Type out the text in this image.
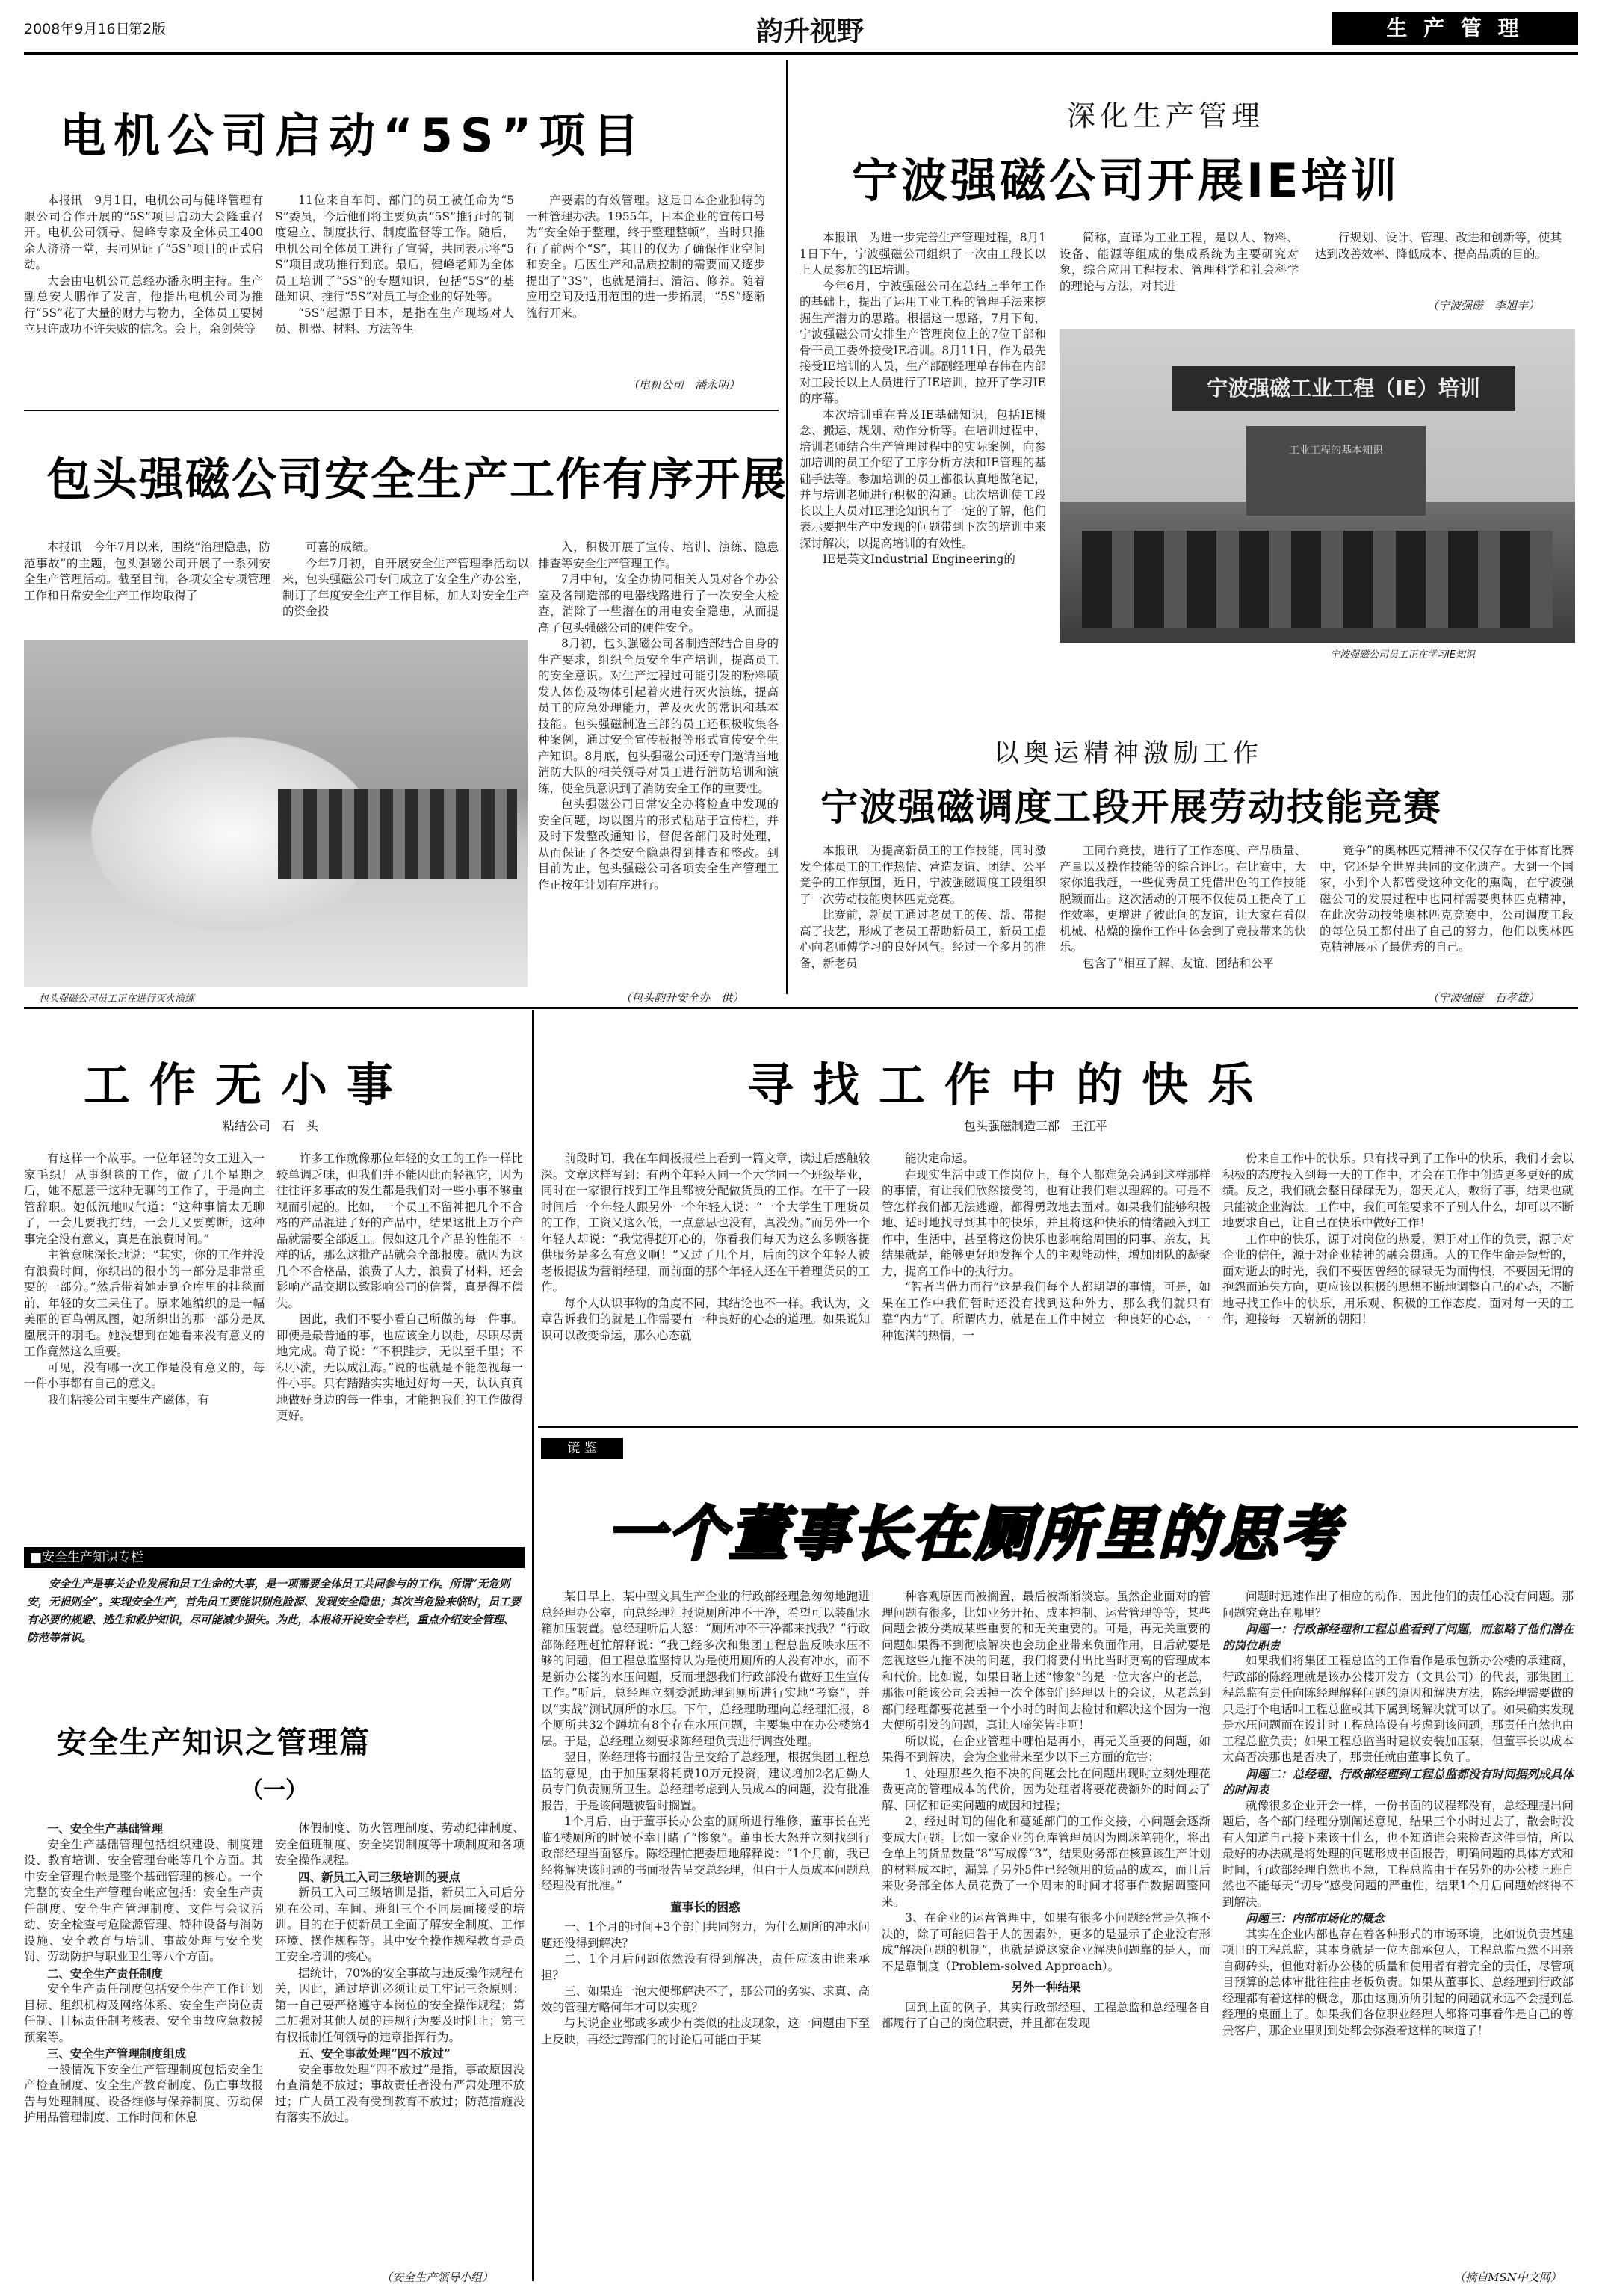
2008年9月16日
第2版	韵升视野	生 产 管 理
电机公司启动“5S”项目

本报讯　9月1日，电机公司与健峰管理有限公司合作开展的“5S”项目启动大会隆重召开。电机公司领导、健峰专家及全体员工400余人济济一堂，共同见证了“5S”项目的正式启动。

大会由电机公司总经办潘永明主持。生产副总安大鹏作了发言，他指出电机公司为推行“5S”花了大量的财力与物力，全体员工要树立只许成功不许失败的信念。会上，余剑荣等

11位来自车间、部门的员工被任命为“5S”委员，今后他们将主要负责“5S”推行时的制度建立、制度执行、制度监督等工作。随后，电机公司全体员工进行了宣誓，共同表示将“5S”项目成功推行到底。最后，健峰老师为全体员工培训了“5S”的专题知识，包括“5S”的基础知识、推行“5S”对员工与企业的好处等。

“5S”起源于日本，是指在生产现场对人员、机器、材料、方法等生

产要素的有效管理。这是日本企业独特的一种管理办法。1955年，日本企业的宣传口号为“安全始于整理，终于整理整顿”，当时只推行了前两个“S”，其目的仅为了确保作业空间和安全。后因生产和品质控制的需要而又逐步提出了“3S”，也就是清扫、清洁、修养。随着应用空间及适用范围的进一步拓展，“5S”逐渐流行开来。

（电机公司　潘永明）
深化生产管理
宁波强磁公司开展IE培训

本报讯　为进一步完善生产管理过程，8月11日下午，宁波强磁公司组织了一次由工段长以上人员参加的IE培训。

今年6月，宁波强磁公司在总结上半年工作的基础上，提出了运用工业工程的管理手法来挖掘生产潜力的思路。根据这一思路，7月下旬，宁波强磁公司安排生产管理岗位上的7位干部和骨干员工委外接受IE培训。8月11日，作为最先接受IE培训的人员，生产部副经理单春伟在内部对工段长以上人员进行了IE培训，拉开了学习IE的序幕。

本次培训重在普及IE基础知识，包括IE概念、搬运、规划、动作分析等。在培训过程中，培训老师结合生产管理过程中的实际案例，向参加培训的员工介绍了工序分析方法和IE管理的基础手法等。参加培训的员工都很认真地做笔记，并与培训老师进行积极的沟通。此次培训使工段长以上人员对IE理论知识有了一定的了解，他们表示要把生产中发现的问题带到下次的培训中来探讨解决，以提高培训的有效性。

IE是英文Industrial Engineering的

简称，直译为工业工程，是以人、物料、设备、能源等组成的集成系统为主要研究对象，综合应用工程技术、管理科学和社会科学的理论与方法，对其进

行规划、设计、管理、改进和创新等，使其达到改善效率、降低成本、提高品质的目的。

（宁波强磁　李旭丰）
宁波强磁工业工程（IE）培训
工业工程的基本知识
宁波强磁公司员工正在学习IE知识
包头强磁公司安全生产工作有序开展

本报讯　今年7月以来，围绕“治理隐患，防范事故”的主题，包头强磁公司开展了一系列安全生产管理活动。截至目前，各项安全专项管理工作和日常安全生产工作均取得了

可喜的成绩。

今年7月初，自开展安全生产管理季活动以来，包头强磁公司专门成立了安全生产办公室，制订了年度安全生产工作目标，加大对安全生产的资金投

入，积极开展了宣传、培训、演练、隐患排查等安全生产管理工作。

7月中旬，安全办协同相关人员对各个办公室及各制造部的电器线路进行了一次安全大检查，消除了一些潜在的用电安全隐患，从而提高了包头强磁公司的硬件安全。

8月初，包头强磁公司各制造部结合自身的生产要求，组织全员安全生产培训，提高员工的安全意识。对生产过程过可能引发的粉料喷发人体伤及物体引起着火进行灭火演练，提高员工的应急处理能力，普及灭火的常识和基本技能。包头强磁制造三部的员工还积极收集各种案例，通过安全宣传板报等形式宣传安全生产知识。8月底，包头强磁公司还专门邀请当地消防大队的相关领导对员工进行消防培训和演练，使全员意识到了消防安全工作的重要性。

包头强磁公司日常安全办将检查中发现的安全问题，均以图片的形式粘贴于宣传栏，并及时下发整改通知书，督促各部门及时处理，从而保证了各类安全隐患得到排查和整改。到目前为止，包头强磁公司各项安全生产管理工作正按年计划有序进行。

（包头韵升安全办　供）
包头强磁公司员工正在进行灭火演练
以奥运精神激励工作
宁波强磁调度工段开展劳动技能竞赛

本报讯　为提高新员工的工作技能，同时激发全体员工的工作热情、营造友谊、团结、公平竞争的工作氛围，近日，宁波强磁调度工段组织了一次劳动技能奥林匹克竞赛。

比赛前，新员工通过老员工的传、帮、带提高了技艺，形成了老员工帮助新员工，新员工虚心向老师傅学习的良好风气。经过一个多月的准备，新老员

工同台竞技，进行了工作态度、产品质量、产量以及操作技能等的综合评比。在比赛中，大家你追我赶，一些优秀员工凭借出色的工作技能脱颖而出。这次活动的开展不仅使员工提高了工作效率，更增进了彼此间的友谊，让大家在看似机械、枯燥的操作工作中体会到了竞技带来的快乐。

包含了“相互了解、友谊、团结和公平

竞争”的奥林匹克精神不仅仅存在于体育比赛中，它还是全世界共同的文化遗产。大到一个国家，小到个人都曾受这种文化的熏陶，在宁波强磁公司的发展过程中也同样需要奥林匹克精神，在此次劳动技能奥林匹克竞赛中，公司调度工段的每位员工都付出了自己的努力，他们以奥林匹克精神展示了最优秀的自己。

（宁波强磁　石孝雄）
工作无小事
粘结公司　石　头

有这样一个故事。一位年轻的女工进入一家毛织厂从事织毯的工作，做了几个星期之后，她不愿意干这种无聊的工作了，于是向主管辞职。她低沉地叹气道：“这种事情太无聊了，一会儿要我打结，一会儿又要剪断，这种事完全没有意义，真是在浪费时间。”

主管意味深长地说：“其实，你的工作并没有浪费时间，你织出的很小的一部分是非常重要的一部分。”然后带着她走到仓库里的挂毯面前，年轻的女工呆住了。原来她编织的是一幅美丽的百鸟朝凤图，她所织出的那一部分是凤凰展开的羽毛。她没想到在她看来没有意义的工作竟然这么重要。

可见，没有哪一次工作是没有意义的，每一件小事都有自己的意义。

我们粘接公司主要生产磁体，有

许多工作就像那位年轻的女工的工作一样比较单调乏味，但我们并不能因此而轻视它，因为往往许多事故的发生都是我们对一些小事不够重视而引起的。比如，一个员工不留神把几个不合格的产品混进了好的产品中，结果这批上万个产品就需要全部返工。假如这几个产品的性能不一样的话，那么这批产品就会全部报废。就因为这几个不合格品，浪费了人力，浪费了材料，还会影响产品交期以致影响公司的信誉，真是得不偿失。

因此，我们不要小看自己所做的每一件事。即便是最普通的事，也应该全力以赴，尽职尽责地完成。荀子说：“不积跬步，无以至千里；不积小流，无以成江海。”说的也就是不能忽视每一件小事。只有踏踏实实地过好每一天，认认真真地做好身边的每一件事，才能把我们的工作做得更好。

寻找工作中的快乐
包头强磁制造三部　王江平

前段时间，我在车间板报栏上看到一篇文章，读过后感触较深。文章这样写到：有两个年轻人同一个大学同一个班级毕业，同时在一家银行找到工作且都被分配做货员的工作。在干了一段时间后一个年轻人跟另外一个年轻人说：“一个大学生干理货员的工作，工资又这么低，一点意思也没有，真没劲。”而另外一个年轻人却说：“我觉得挺开心的，你看我们每天为这么多顾客提供服务是多么有意义啊！”又过了几个月，后面的这个年轻人被老板提拔为营销经理，而前面的那个年轻人还在干着理货员的工作。

每个人认识事物的角度不同，其结论也不一样。我认为，文章告诉我们的就是工作需要有一种良好的心态的道理。如果说知识可以改变命运，那么心态就

能决定命运。

在现实生活中或工作岗位上，每个人都难免会遇到这样那样的事情，有让我们欣然接受的，也有让我们难以理解的。可是不管怎样我们都无法逃避，都得勇敢地去面对。如果我们能够积极地、适时地找寻到其中的快乐，并且将这种快乐的情绪融入到工作中，生活中，甚至将这份快乐也影响给周围的同事、亲友，其结果就是，能够更好地发挥个人的主观能动性，增加团队的凝聚力，提高工作中的执行力。

“智者当借力而行”这是我们每个人都期望的事情，可是，如果在工作中我们暂时还没有找到这种外力，那么我们就只有靠“内力”了。所谓内力，就是在工作中树立一种良好的心态，一种饱满的热情，一

份来自工作中的快乐。只有找寻到了工作中的快乐，我们才会以积极的态度投入到每一天的工作中，才会在工作中创造更多更好的成绩。反之，我们就会整日碌碌无为，怨天尤人，敷衍了事，结果也就只能被企业淘汰。工作中，我们可能要求不了别人什么，却可以不断地要求自己，让自己在快乐中做好工作！

工作中的快乐，源于对岗位的热爱，源于对工作的负责，源于对企业的信任，源于对企业精神的融会贯通。人的工作生命是短暂的，面对逝去的时光，我们不要因曾经的碌碌无为而悔恨，不要因无谓的抱怨而追失方向，更应该以积极的思想不断地调整自己的心态，不断地寻找工作中的快乐，用乐观、积极的工作态度，面对每一天的工作，迎接每一天崭新的朝阳！

■安全生产知识专栏
安全生产是事关企业发展和员工生命的大事，是一项需要全体员工共同参与的工作。所谓“无危则安，无损则全”。实现安全生产，首先员工要能识别危险源、发现安全隐患；其次当危险来临时，员工要有必要的规避、逃生和救护知识，尽可能减少损失。为此，本报将开设安全专栏，重点介绍安全管理、防范等常识。
安全生产知识之管理篇
（一）

一、安全生产基础管理

安全生产基础管理包括组织建设、制度建设、教育培训、安全管理台帐等几个方面。其中安全管理台帐是整个基础管理的核心。一个完整的安全生产管理台帐应包括：安全生产责任制度、安全生产管理制度、文件与会议活动、安全检查与危险源管理、特种设备与消防设施、安全教育与培训、事故处理与安全奖罚、劳动防护与职业卫生等八个方面。

二、安全生产责任制度

安全生产责任制度包括安全生产工作计划目标、组织机构及网络体系、安全生产岗位责任制、目标责任制考核表、安全事故应急救援预案等。

三、安全生产管理制度组成

一般情况下安全生产管理制度包括安全生产检查制度、安全生产教育制度、伤亡事故报告与处理制度、设备维修与保养制度、劳动保护用品管理制度、工作时间和休息

休假制度、防火管理制度、劳动纪律制度、安全值班制度、安全奖罚制度等十项制度和各项安全操作规程。

四、新员工入司三级培训的要点

新员工入司三级培训是指，新员工入司后分别在公司、车间、班组三个不同层面接受的培训。目的在于使新员工全面了解安全制度、工作环境、操作规程等。其中安全操作规程教育是员工安全培训的核心。

据统计，70%的安全事故与违反操作规程有关，因此，通过培训必须让员工牢记三条原则：第一自己要严格遵守本岗位的安全操作规程；第二加强对其他人员的违规行为要及时阻止；第三有权抵制任何领导的违章指挥行为。

五、安全事故处理“四不放过”

安全事故处理“四不放过”是指，事故原因没有查清楚不放过；事故责任者没有严肃处理不放过；广大员工没有受到教育不放过；防范措施没有落实不放过。

（安全生产领导小组）
镜 鉴
一个董事长在厕所里的思考

某日早上，某中型文具生产企业的行政部经理急匆匆地跑进总经理办公室，向总经理汇报说厕所冲不干净，希望可以装配水箱加压装置。总经理听后大怒：“厕所冲不干净都来找我？”行政部陈经理赶忙解释说：“我已经多次和集团工程总监反映水压不够的问题，但工程总监坚持认为是使用厕所的人没有冲水，而不是新办公楼的水压问题，反而埋怨我们行政部没有做好卫生宣传工作。”听后，总经理立刻委派助理到厕所进行实地“考察”，并以“实战”测试厕所的水压。下午，总经理助理向总经理汇报，8个厕所共32个蹲坑有8个存在水压问题，主要集中在办公楼第4层。于是，总经理立刻要求陈经理负责进行调查处理。

翌日，陈经理将书面报告呈交给了总经理，根据集团工程总监的意见，由于加压泵将耗费10万元投资，建议增加2名后勤人员专门负责厕所卫生。总经理考虑到人员成本的问题，没有批准报告，于是该问题被暂时搁置。

1个月后，由于董事长办公室的厕所进行维修，董事长在光临4楼厕所的时候不幸目睹了“惨象”。董事长大怒并立刻找到行政部经理当面怒斥。陈经理忙把委屈地解释说：“1个月前，我已经将解决该问题的书面报告呈交总经理，但由于人员成本问题总经理没有批准。”

董事长的困惑

一、1个月的时间+3个部门共同努力，为什么厕所的冲水问题还没得到解决？

二、1个月后问题依然没有得到解决，责任应该由谁来承担？

三、如果连一泡大便都解决不了，那公司的务实、求真、高效的管理方略何年才可以实现？

与其说企业都或多或少有类似的扯皮现象，这一问题由下至上反映，再经过跨部门的讨论后可能由于某

种客观原因而被搁置，最后被渐渐淡忘。虽然企业面对的管理问题有很多，比如业务开拓、成本控制、运营管理等等，某些问题会被分类成某些重要的和无关重要的。可是，再无关重要的问题如果得不到彻底解决也会助企业带来负面作用，日后就要是忽视这些九拖不决的问题，我们将要付出比当时更高的管理成本和代价。比如说，如果日睹上述“惨象”的是一位大客户的老总，那很可能该公司会丢掉一次全体部门经理以上的会议，从老总到部门经理都要花甚至一个小时的时间去检讨和解决这个因为一泡大便所引发的问题，真让人啼笑皆非啊！

所以说，在企业管理中哪怕是再小，再无关重要的问题，如果得不到解决，会为企业带来至少以下三方面的危害：

1、处理那些久拖不决的问题会比在问题出现时立刻处理花费更高的管理成本的代价，因为处理者将要花费额外的时间去了解、回忆和证实问题的成因和过程；

2、经过时间的催化和蔓延部门的工作交接，小问题会逐渐变成大问题。比如一家企业的仓库管理员因为圆珠笔钝化，将出仓单上的货品数量“8”写成像“3”，结果财务部在核算该生产计划的材料成本时，漏算了另外5件已经领用的货品的成本，而且后来财务部全体人员花费了一个周末的时间才将事件数据调整回来。

3、在企业的运营管理中，如果有很多小问题经常是久拖不决的，除了可能归咎于人的因素外，更多的是显示了企业没有形成“解决问题的机制”，也就是说这家企业解决问题靠的是人，而不是靠制度（Problem-solved Approach）。

另外一种结果

回到上面的例子，其实行政部经理、工程总监和总经理各自都履行了自己的岗位职责，并且都在发现

问题时迅速作出了相应的动作，因此他们的责任心没有问题。那问题究竟出在哪里？

问题一：行政部经理和工程总监看到了问题，而忽略了他们潜在的岗位职责

如果我们将集团工程总监的工作看作是承包新办公楼的承建商，行政部的陈经理就是该办公楼开发方（文具公司）的代表，那集团工程总监有责任向陈经理解释问题的原因和解决方法，陈经理需要做的只是打个电话叫工程总监或其下属到场解决就可以了。如果确实发现是水压问题而在设计时工程总监设有考虑到该问题，那责任自然也由工程总监负责；如果工程总监当时建议安装加压泵，但董事长以成本太高否决那也是否决了，那责任就由董事长负了。

问题二：总经理、行政部经理到工程总监都没有时间据列成具体的时间表

就像很多企业开会一样，一份书面的议程都没有，总经理提出问题后，各个部门经理分别阐述意见，结果三个小时过去了，散会时没有人知道自己接下来该干什么，也不知道谁会来检查这件事情，所以最好的办法就是将处理的问题形成书面报告，明确问题的具体方式和时间，行政部经理自然也不急，工程总监由于在另外的办公楼上班自然也不能每天“切身”感受问题的严重性，结果1个月后问题始终得不到解决。

问题三：内部市场化的概念

其实在企业内部也存在着各种形式的市场环境，比如说负责基建项目的工程总监，其本身就是一位内部承包人，工程总监虽然不用亲自砌砖头，但他对新办公楼的质量和使用者有着完全的责任，尽管项目预算的总体审批往往由老板负责。如果从董事长、总经理到行政部经理都有着这样的概念，那由这厕所所引起的问题就永远不会提到总经理的桌面上了。如果我们各位职业经理人都将同事看作是自己的尊贵客户，那企业里则到处都会弥漫着这样的味道了！

（摘自MSN中文网）
